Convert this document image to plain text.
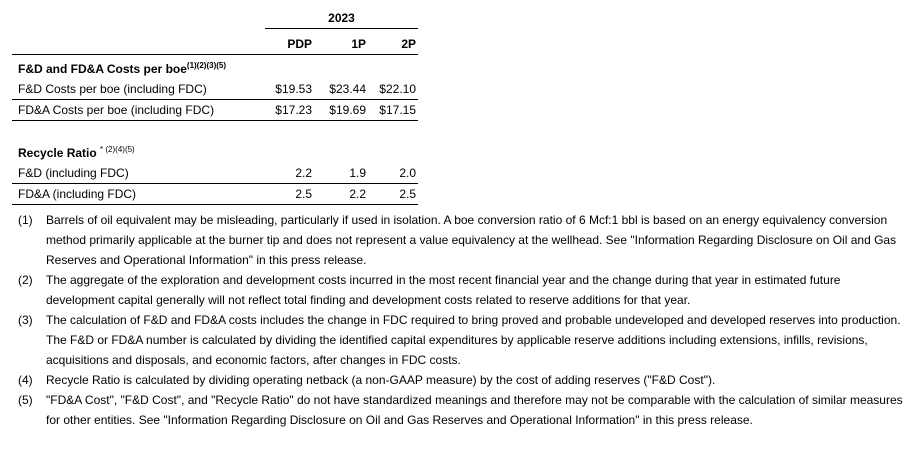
2023
PDP	1P	2P
F&D and FD&A Costs per boe$^{(1)(2)(3)(5)}$
F&D Costs per boe (including FDC)	$19.53	$23.44	$22.10
FD&A Costs per boe (including FDC)	$17.23	$19.69	$17.15
Recycle Ratio $^{* (2)(4)(5)}$
F&D (including FDC)	2.2	1.9	2.0
FD&A (including FDC)	2.5	2.2	2.5
(1) Barrels of oil equivalent may be misleading, particularly if used in isolation. A boe conversion ratio of 6 Mcf:1 bbl is based on an energy equivalency conversion method primarily applicable at the burner tip and does not represent a value equivalency at the wellhead. See "Information Regarding Disclosure on Oil and Gas Reserves and Operational Information" in this press release.
(2) The aggregate of the exploration and development costs incurred in the most recent financial year and the change during that year in estimated future development capital generally will not reflect total finding and development costs related to reserve additions for that year.
(3) The calculation of F&D and FD&A costs includes the change in FDC required to bring proved and probable undeveloped and developed reserves into production. The F&D or FD&A number is calculated by dividing the identified capital expenditures by applicable reserve additions including extensions, infills, revisions, acquisitions and disposals, and economic factors, after changes in FDC costs.
(4) Recycle Ratio is calculated by dividing operating netback (a non-GAAP measure) by the cost of adding reserves ("F&D Cost").
(5) "FD&A Cost", "F&D Cost", and "Recycle Ratio" do not have standardized meanings and therefore may not be comparable with the calculation of similar measures for other entities. See "Information Regarding Disclosure on Oil and Gas Reserves and Operational Information" in this press release.
